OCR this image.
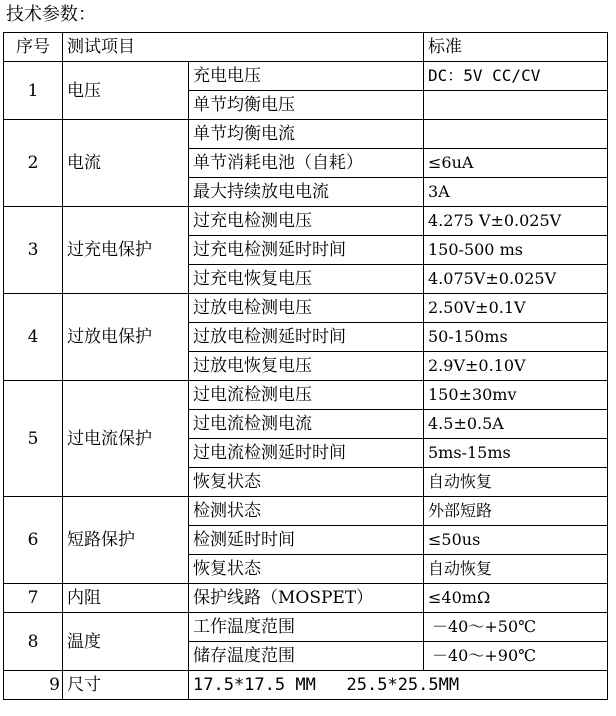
技术参数：
序号	测试项目		标准
1	电压	充电电压	DC：5V CC/CV
		单节均衡电压	
2	电流	单节均衡电流	
		单节消耗电池（自耗）	≤6uA
		最大持续放电电流	3A
3	过充电保护	过充电检测电压	4.275 V±0.025V
		过充电检测延时时间	150-500 ms
		过充电恢复电压	4.075V±0.025V
4	过放电保护	过放电检测电压	2.50V±0.1V
		过放电检测延时时间	50-150ms
		过放电恢复电压	2.9V±0.10V
5	过电流保护	过电流检测电压	150±30mv
		过电流检测电流	4.5±0.5A
		过电流检测延时时间	5ms-15ms
		恢复状态	自动恢复
6	短路保护	检测状态	外部短路
		检测延时时间	≤50us
		恢复状态	自动恢复
7	内阻	保护线路（MOSPET）	≤40mΩ
8	温度	工作温度范围	－40～+50℃
		储存温度范围	－40～+90℃
9	尺寸	17.5*17.5 MM   25.5*25.5MM	
